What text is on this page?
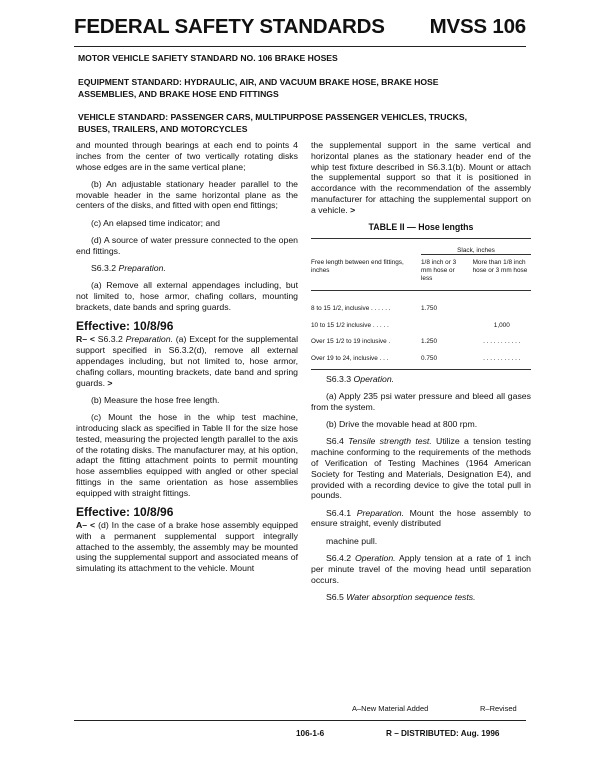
FEDERAL SAFETY STANDARDS MVSS 106
MOTOR VEHICLE SAFIETY STANDARD NO. 106 BRAKE HOSES
EQUIPMENT STANDARD: HYDRAULIC, AIR, AND VACUUM BRAKE HOSE, BRAKE HOSE
ASSEMBLIES, AND BRAKE HOSE END FITTINGS
VEHICLE STANDARD: PASSENGER CARS, MULTIPURPOSE PASSENGER VEHICLES, TRUCKS,
BUSES, TRAILERS, AND MOTORCYCLES

and mounted through bearings at each end to points 4 inches from the center of two vertically rotating disks whose edges are in the same vertical plane;

(b) An adjustable stationary header parallel to the movable header in the same horizontal plane as the centers of the disks, and fitted with open end fittings;

(c) An elapsed time indicator; and

(d) A source of water pressure connected to the open end fittings.

S6.3.2 Preparation.

(a) Remove all external appendages including, but not limited to, hose armor, chafing collars, mounting brackets, date bands and spring guards.

Effective: 10/8/96

R– < S6.3.2 Preparation. (a) Except for the supplemental support specified in S6.3.2(d), remove all external appendages including, but not limited to, hose armor, chafing collars, mounting brackets, date band and spring guards. >

(b) Measure the hose free length.

(c) Mount the hose in the whip test machine, introducing slack as specified in Table II for the size hose tested, measuring the projected length parallel to the axis of the rotating disks. The manufacturer may, at his option, adapt the fitting attachment points to permit mounting hose assemblies equipped with angled or other special fittings in the same orientation as hose assemblies equipped with straight fittings.

Effective: 10/8/96

A– < (d) In the case of a brake hose assembly equipped with a permanent supplemental support integrally attached to the assembly, the assembly may be mounted using the supplemental support and associated means of simulating its attachment to the vehicle. Mount

the supplemental support in the same vertical and horizontal planes as the stationary header end of the whip test fixture described in S6.3.1(b). Mount or attach the supplemental support so that it is positioned in accordance with the recommendation of the assembly manufacturer for attaching the supplemental support on a vehicle. >

TABLE II — Hose lengths

	Slack, inches	
Free length between end fittings, inches	1/8 inch or 3 mm hose or less	More than 1/8 inch hose or 3 mm hose
8 to 15 1/2, inclusive . . . . . .	1.750	
10 to 15 1/2 inclusive . . . . .		1,000
Over 15 1/2 to 19 inclusive .	1.250	. . . . . . . . . . .
Over 19 to 24, inclusive . . .	0.750	. . . . . . . . . . .

S6.3.3 Operation.

(a) Apply 235 psi water pressure and bleed all gases from the system.

(b) Drive the movable head at 800 rpm.

S6.4 Tensile strength test. Utilize a tension testing machine conforming to the requirements of the methods of Verification of Testing Machines (1964 American Society for Testing and Materials, Designation E4), and provided with a recording device to give the total pull in pounds.

S6.4.1 Preparation. Mount the hose assembly to ensure straight, evenly distributed

machine pull.

S6.4.2 Operation. Apply tension at a rate of 1 inch per minute travel of the moving head until separation occurs.

S6.5 Water absorption sequence tests.

A–New Material Added	R–Revised
106-1-6	R – DISTRIBUTED: Aug. 1996
